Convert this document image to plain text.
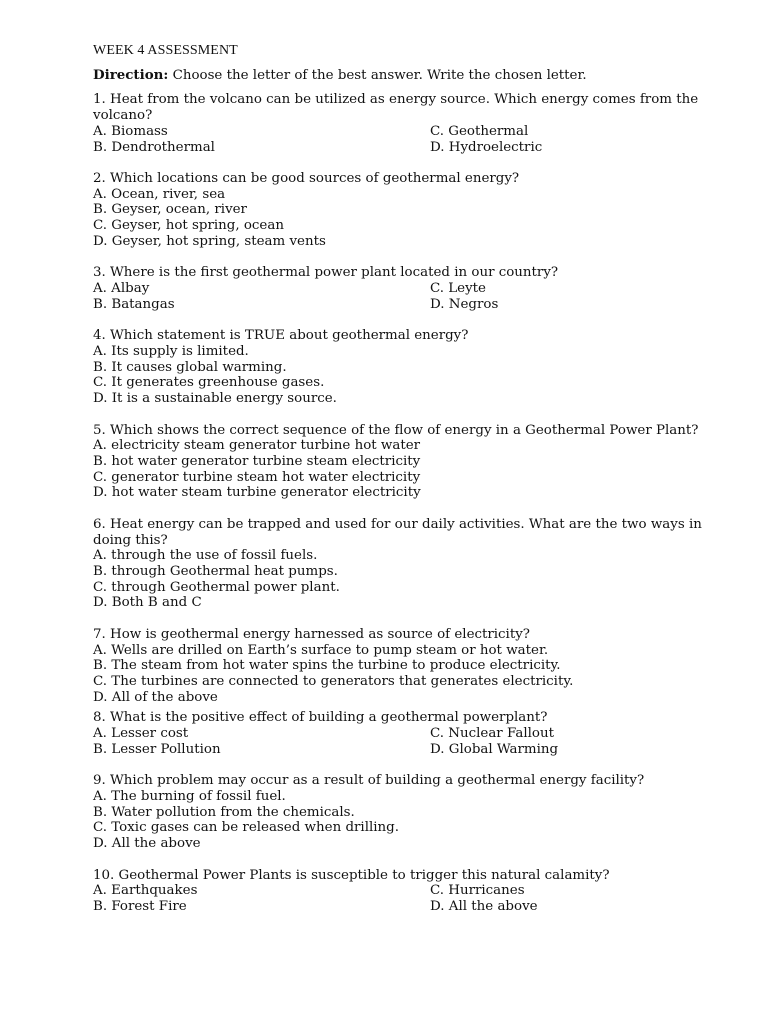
WEEK 4 ASSESSMENT
Direction: Choose the letter of the best answer. Write the chosen letter.
1. Heat from the volcano can be utilized as energy source. Which energy comes from the volcano?
A. Biomass	C. Geothermal
B. Dendrothermal	D. Hydroelectric
2. Which locations can be good sources of geothermal energy?
A. Ocean, river, sea
B. Geyser, ocean, river
C. Geyser, hot spring, ocean
D. Geyser, hot spring, steam vents
3. Where is the first geothermal power plant located in our country?
A. Albay	C. Leyte
B. Batangas	D. Negros
4. Which statement is TRUE about geothermal energy?
A. Its supply is limited.
B. It causes global warming.
C. It generates greenhouse gases.
D. It is a sustainable energy source.
5. Which shows the correct sequence of the flow of energy in a Geothermal Power Plant?
A. electricity steam generator turbine hot water
B. hot water generator turbine steam electricity
C. generator turbine steam hot water electricity
D. hot water steam turbine generator electricity
6. Heat energy can be trapped and used for our daily activities. What are the two ways in doing this?
A. through the use of fossil fuels.
B. through Geothermal heat pumps.
C. through Geothermal power plant.
D. Both B and C
7. How is geothermal energy harnessed as source of electricity?
A. Wells are drilled on Earth’s surface to pump steam or hot water.
B. The steam from hot water spins the turbine to produce electricity.
C. The turbines are connected to generators that generates electricity.
D. All of the above
8. What is the positive effect of building a geothermal powerplant?
A. Lesser cost	C. Nuclear Fallout
B. Lesser Pollution	D. Global Warming
9. Which problem may occur as a result of building a geothermal energy facility?
A. The burning of fossil fuel.
B. Water pollution from the chemicals.
C. Toxic gases can be released when drilling.
D. All the above
10. Geothermal Power Plants is susceptible to trigger this natural calamity?
A. Earthquakes	C. Hurricanes
B. Forest Fire	D. All the above
